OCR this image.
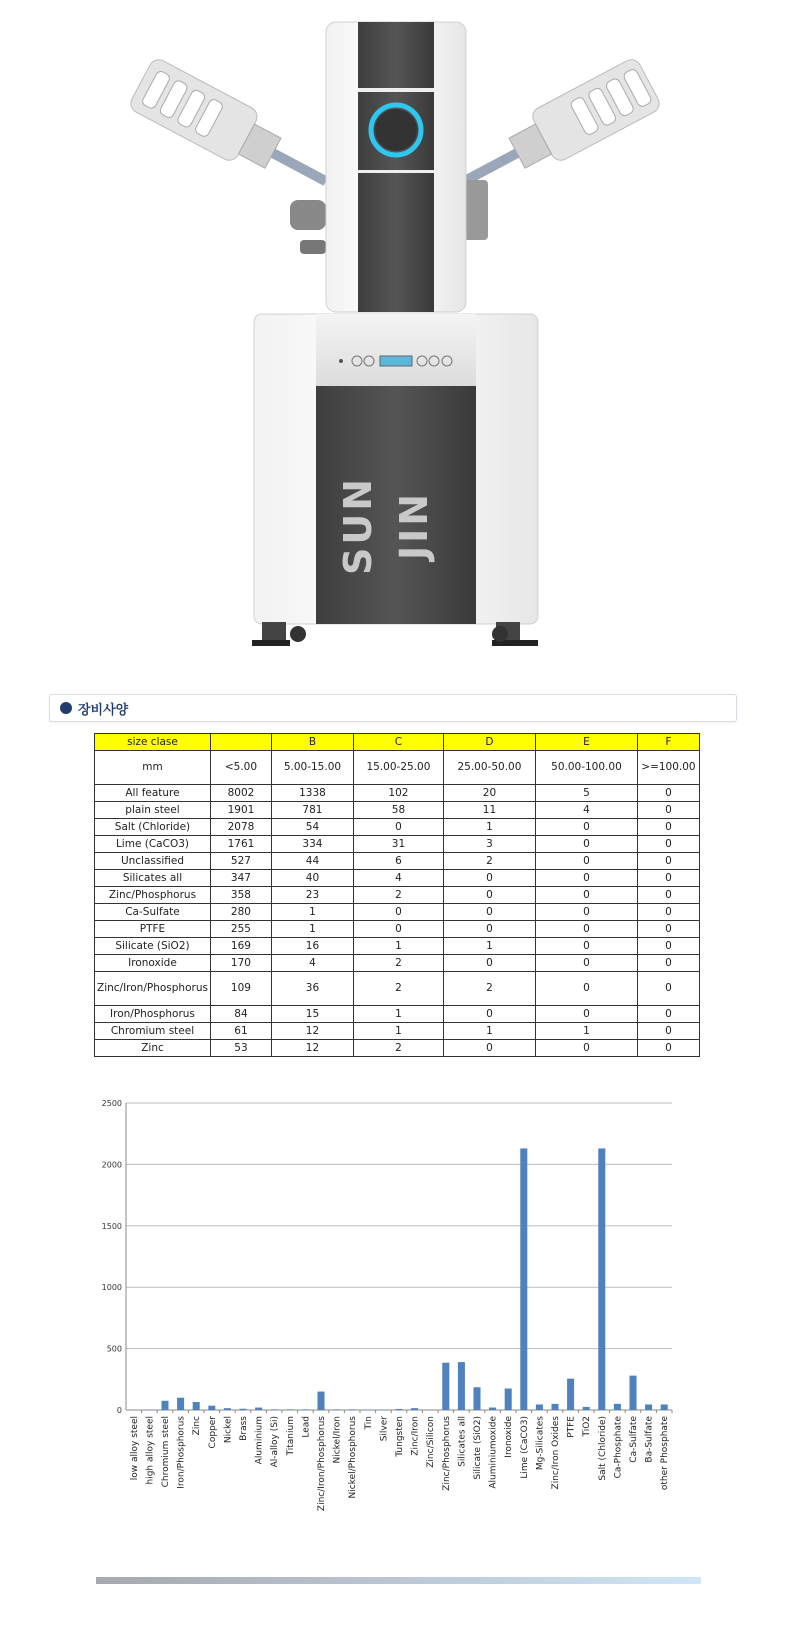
SUN JIN
장비사양
size clase		B	C	D	E	F
mm	<5.00	5.00-15.00	15.00-25.00	25.00-50.00	50.00-100.00	>=100.00
All feature	8002	1338	102	20	5	0
plain steel	1901	781	58	11	4	0
Salt (Chloride)	2078	54	0	1	0	0
Lime (CaCO3)	1761	334	31	3	0	0
Unclassified	527	44	6	2	0	0
Silicates all	347	40	4	0	0	0
Zinc/Phosphorus	358	23	2	0	0	0
Ca-Sulfate	280	1	0	0	0	0
PTFE	255	1	0	0	0	0
Silicate (SiO2)	169	16	1	1	0	0
Ironoxide	170	4	2	0	0	0
Zinc/Iron/Phosphorus	109	36	2	2	0	0
Iron/Phosphorus	84	15	1	0	0	0
Chromium steel	61	12	1	1	1	0
Zinc	53	12	2	0	0	0
0
500
1000
1500
2000
2500
low alloy steel high alloy steel Chromium steel Iron/Phosphorus Zinc Copper Nickel Brass Aluminium Al-alloy (Si) Titanium Lead Zinc/Iron/Phosphorus Nickel/Iron Nickel/Phosphorus Tin Silver Tungsten Zinc/Iron Zinc/Silicon Zinc/Phosphorus Silicates all Silicate (SiO2) Aluminiumoxide Ironoxide Lime (CaCO3) Mg-Silicates Zinc/Iron Oxides PTFE TiO2 Salt (Chloride) Ca-Phosphate Ca-Sulfate Ba-Sulfate other Phosphate
